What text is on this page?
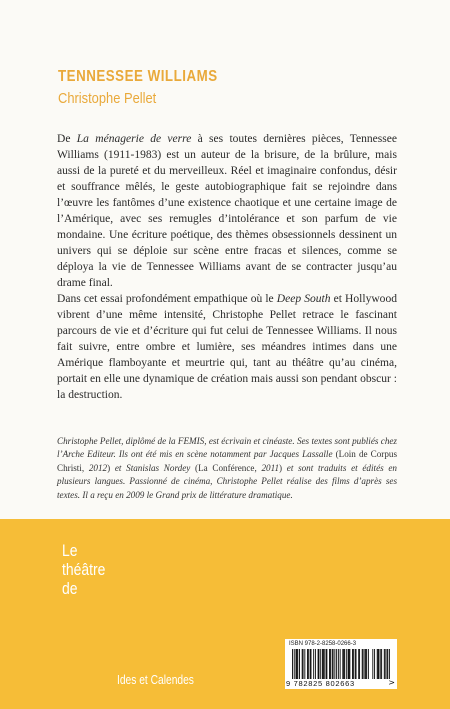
TENNESSEE WILLIAMS
Christophe Pellet

De La ménagerie de verre à ses toutes dernières pièces, Tennessee Williams (1911-1983) est un auteur de la brisure, de la brûlure, mais aussi de la pureté et du merveilleux. Réel et imaginaire confondus, désir et souffrance mêlés, le geste autobiographique fait se rejoindre dans l’œuvre les fantômes d’une existence chaotique et une certaine image de l’Amérique, avec ses remugles d’intolérance et son parfum de vie mondaine. Une écriture poétique, des thèmes obsessionnels dessinent un univers qui se déploie sur scène entre fracas et silences, comme se déploya la vie de Tennessee Williams avant de se contracter jusqu’au drame final.

Dans cet essai profondément empathique où le Deep South et Hollywood vibrent d’une même intensité, Christophe Pellet retrace le fascinant parcours de vie et d’écriture qui fut celui de Tennessee Williams. Il nous fait suivre, entre ombre et lumière, ses méandres intimes dans une Amérique flamboyante et meurtrie qui, tant au théâtre qu’au cinéma, portait en elle une dynamique de création mais aussi son pendant obscur : la destruction.

Christophe Pellet, diplômé de la FEMIS, est écrivain et cinéaste. Ses textes sont publiés chez l’Arche Editeur. Ils ont été mis en scène notamment par Jacques Lassalle (Loin de Corpus Christi, 2012) et Stanislas Nordey (La Conférence, 2011) et sont traduits et édités en plusieurs langues. Passionné de cinéma, Christophe Pellet réalise des films d’après ses textes. Il a reçu en 2009 le Grand prix de littérature dramatique.
Le
théâtre
de
Ides et Calendes
ISBN 978-2-8258-0266-3
9 782825 802663	>
